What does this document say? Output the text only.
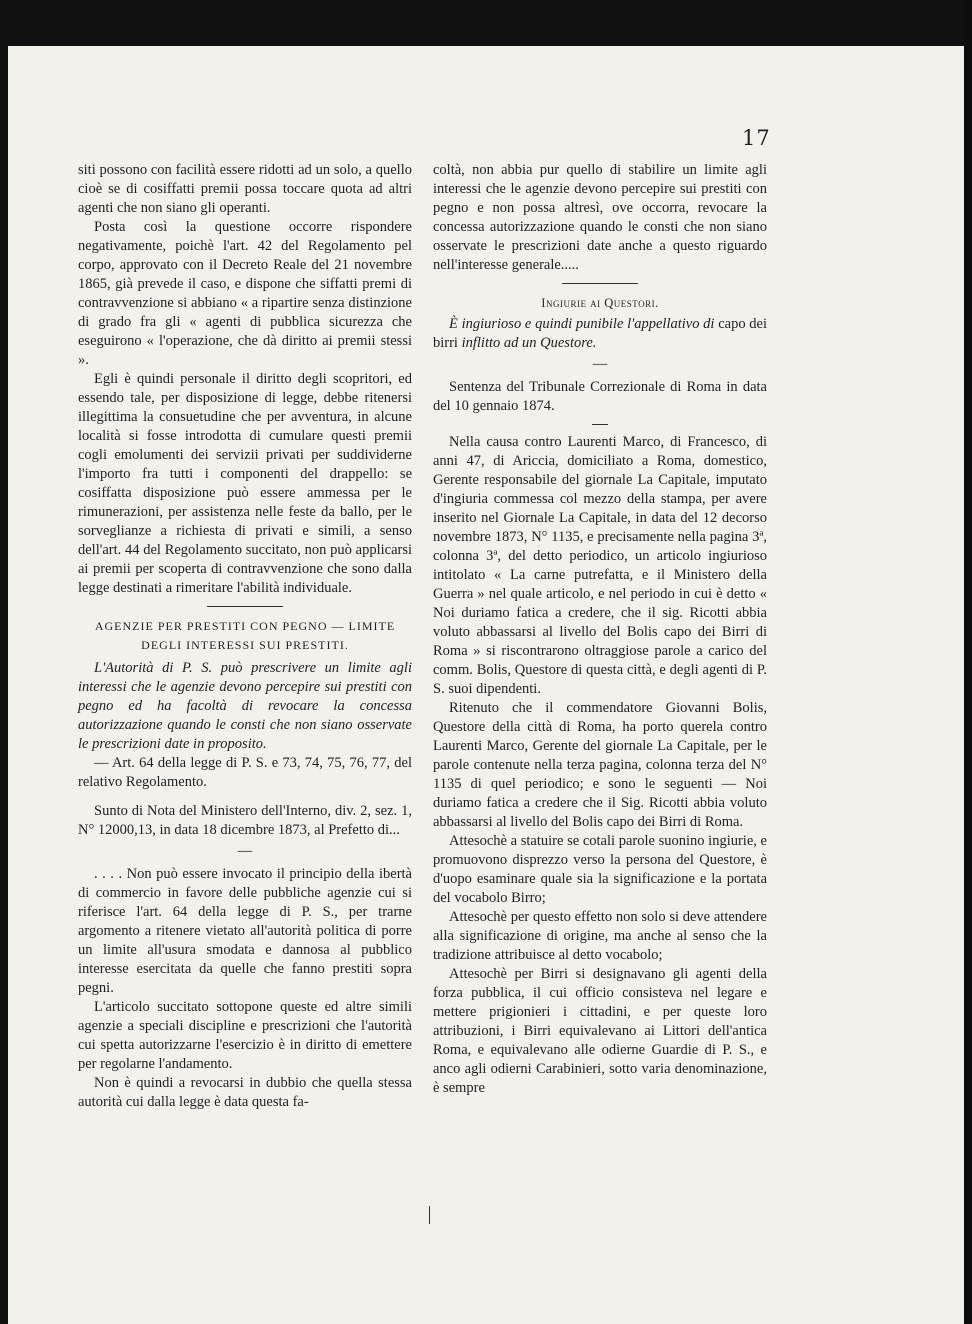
17

siti possono con facilità essere ridotti ad un solo, a quello cioè se di cosiffatti premii possa toccare quota ad altri agenti che non siano gli operanti.

Posta così la questione occorre rispondere negativamente, poichè l'art. 42 del Regolamento pel corpo, approvato con il Decreto Reale del 21 novembre 1865, già prevede il caso, e dispone che siffatti premi di contravvenzione si abbiano « a ripartire senza distinzione di grado fra gli « agenti di pubblica sicurezza che eseguirono « l'operazione, che dà diritto ai premii stessi ».

Egli è quindi personale il diritto degli scopritori, ed essendo tale, per disposizione di legge, debbe ritenersi illegittima la consuetudine che per avventura, in alcune località si fosse introdotta di cumulare questi premii cogli emolumenti dei servizii privati per suddividerne l'importo fra tutti i componenti del drappello: se cosiffatta disposizione può essere ammessa per le rimunerazioni, per assistenza nelle feste da ballo, per le sorveglianze a richiesta di privati e simili, a senso dell'art. 44 del Regolamento succitato, non può applicarsi ai premii per scoperta di contravvenzione che sono dalla legge destinati a rimeritare l'abilità individuale.

AGENZIE PER PRESTITI CON PEGNO — LIMITE
DEGLI INTERESSI SUI PRESTITI.

L'Autorità di P. S. può prescrivere un limite agli interessi che le agenzie devono percepire sui prestiti con pegno ed ha facoltà di revocare la concessa autorizzazione quando le consti che non siano osservate le prescrizioni date in proposito.

— Art. 64 della legge di P. S. e 73, 74, 75, 76, 77, del relativo Regolamento.

Sunto di Nota del Ministero dell'Interno, div. 2, sez. 1, N° 12000,13, in data 18 dicembre 1873, al Prefetto di...

—

. . . . Non può essere invocato il principio della ibertà di commercio in favore delle pubbliche agenzie cui si riferisce l'art. 64 della legge di P. S., per trarne argomento a ritenere vietato all'autorità politica di porre un limite all'usura smodata e dannosa al pubblico interesse esercitata da quelle che fanno prestiti sopra pegni.

L'articolo succitato sottopone queste ed altre simili agenzie a speciali discipline e prescrizioni che l'autorità cui spetta autorizzarne l'esercizio è in diritto di emettere per regolarne l'andamento.

Non è quindi a revocarsi in dubbio che quella stessa autorità cui dalla legge è data questa fa-

coltà, non abbia pur quello di stabilire un limite agli interessi che le agenzie devono percepire sui prestiti con pegno e non possa altresì, ove occorra, revocare la concessa autorizzazione quando le consti che non siano osservate le prescrizioni date anche a questo riguardo nell'interesse generale.....

Ingiurie ai Questori.

È ingiurioso e quindi punibile l'appellativo di capo dei birri inflitto ad un Questore.

—

Sentenza del Tribunale Correzionale di Roma in data del 10 gennaio 1874.

Nella causa contro Laurenti Marco, di Francesco, di anni 47, di Ariccia, domiciliato a Roma, domestico, Gerente responsabile del giornale La Capitale, imputato d'ingiuria commessa col mezzo della stampa, per avere inserito nel Giornale La Capitale, in data del 12 decorso novembre 1873, N° 1135, e precisamente nella pagina 3ª, colonna 3ª, del detto periodico, un articolo ingiurioso intitolato « La carne putrefatta, e il Ministero della Guerra » nel quale articolo, e nel periodo in cui è detto « Noi duriamo fatica a credere, che il sig. Ricotti abbia voluto abbassarsi al livello del Bolis capo dei Birri di Roma » si riscontrarono oltraggiose parole a carico del comm. Bolis, Questore di questa città, e degli agenti di P. S. suoi dipendenti.

Ritenuto che il commendatore Giovanni Bolis, Questore della città di Roma, ha porto querela contro Laurenti Marco, Gerente del giornale La Capitale, per le parole contenute nella terza pagina, colonna terza del N° 1135 di quel periodico; e sono le seguenti — Noi duriamo fatica a credere che il Sig. Ricotti abbia voluto abbassarsi al livello del Bolis capo dei Birri di Roma.

Attesochè a statuire se cotali parole suonino ingiurie, e promuovono disprezzo verso la persona del Questore, è d'uopo esaminare quale sia la significazione e la portata del vocabolo Birro;

Attesochè per questo effetto non solo si deve attendere alla significazione di origine, ma anche al senso che la tradizione attribuisce al detto vocabolo;

Attesochè per Birri si designavano gli agenti della forza pubblica, il cui officio consisteva nel legare e mettere prigionieri i cittadini, e per queste loro attribuzioni, i Birri equivalevano ai Littori dell'antica Roma, e equivalevano alle odierne Guardie di P. S., e anco agli odierni Carabinieri, sotto varia denominazione, è sempre
